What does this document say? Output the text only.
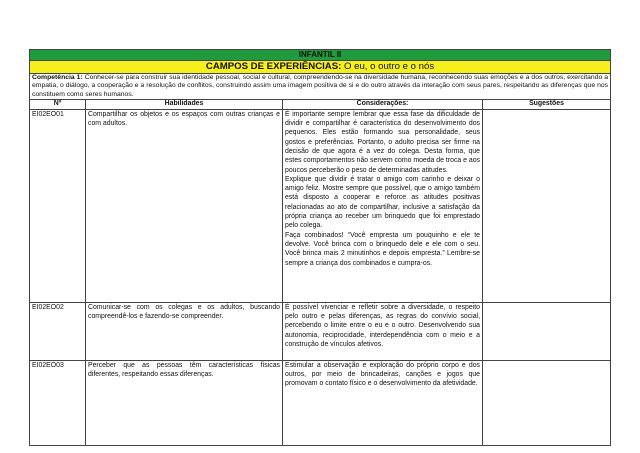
INFANTIL II			
CAMPOS DE EXPERIÊNCIAS: O eu, o outro e o nós			
Competência 1: Conhecer-se para construir sua identidade pessoal, social e cultural, compreendendo-se na diversidade humana, reconhecendo suas emoções e a dos outros, exercitando a empatia, o diálogo, a cooperação e a resolução de conflitos, construindo assim uma imagem positiva de si e do outro através da interação com seus pares, respeitando as diferenças que nos constituem como seres humanos.			
Nº	Habilidades	Considerações:	Sugestões
EI02EO01	Compartilhar os objetos e os espaços com outras crianças e com adultos.	É importante sempre lembrar que essa fase da dificuldade de dividir e compartilhar é característica do desenvolvimento dos pequenos. Eles estão formando sua personalidade, seus gostos e preferências. Portanto, o adulto precisa ser firme na decisão de que agora é a vez do colega. Desta forma, que estes comportamentos não servem como moeda de troca e aos poucos perceberão o peso de determinadas atitudes.

Explique que dividir é tratar o amigo com carinho e deixar o amigo feliz. Mostre sempre que possível, que o amigo também está disposto a cooperar e reforce as atitudes positivas relacionadas ao ato de compartilhar, inclusive a satisfação da própria criança ao receber um brinquedo que foi emprestado pelo colega.

Faça combinados! “Você empresta um pouquinho e ele te devolve. Você brinca com o brinquedo dele e ele com o seu. Você brinca mais 2 minutinhos e depois empresta.” Lembre-se sempre a criança dos combinados e cumpra-os.	

EI02EO02	Comunicar-se com os colegas e os adultos, buscando compreendê-los e fazendo-se compreender.	É possível vivenciar e refletir sobre a diversidade, o respeito pelo outro e pelas diferenças, as regras do convívio social, percebendo o limite entre o eu e o outro. Desenvolvendo sua autonomia, reciprocidade, interdependência com o meio e a construção de vínculos afetivos.	

EI02EO03	Perceber que as pessoas têm características físicas diferentes, respeitando essas diferenças.	Estimular a observação e exploração do próprio corpo e dos outros, por meio de brincadeiras, canções e jogos que promovam o contato físico e o desenvolvimento da afetividade.	
